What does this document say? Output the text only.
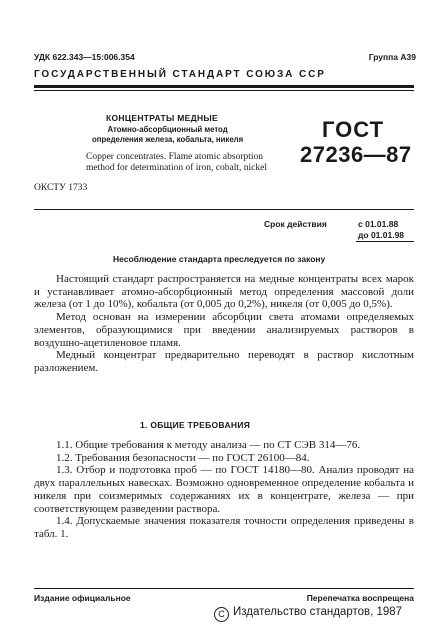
УДК 622.343—15:006.354	Группа А39
ГОСУДАРСТВЕННЫЙ СТАНДАРТ СОЮЗА ССР
КОНЦЕНТРАТЫ МЕДНЫЕ
Атомно-абсорбционный метод
определения железа, кобальта, никеля	ГОСТ
27236—87
Copper concentrates. Flame atomic absorption
method for determination of iron, cobalt, nickel
ОКСТУ 1733
Срок действия	с 01.01.88
до 01.01.98
Несоблюдение стандарта преследуется по закону

Настоящий стандарт распространяется на медные концентраты всех марок и устанавливает атомно-абсорбционный метод определения массовой доли железа (от 1 до 10%), кобальта (от 0,005 до 0,2%), никеля (от 0,005 до 0,5%).

Метод основан на измерении абсорбции света атомами определяемых элементов, образующимися при введении анализируемых растворов в воздушно-ацетиленовое пламя.

Медный концентрат предварительно переводят в раствор кислотным разложением.

1. ОБЩИЕ ТРЕБОВАНИЯ

1.1. Общие требования к методу анализа — по СТ СЭВ 314—76.

1.2. Требования безопасности — по ГОСТ 26100—84.

1.3. Отбор и подготовка проб — по ГОСТ 14180—80. Анализ проводят на двух параллельных навесках. Возможно одновременное определение кобальта и никеля при соизмеримых содержаниях их в концентрате, железа — при соответствующем разведении раствора.

1.4. Допускаемые значения показателя точности определения приведены в табл. 1.

Издание официальное	Перепечатка воспрещена
C Издательство стандартов, 1987
